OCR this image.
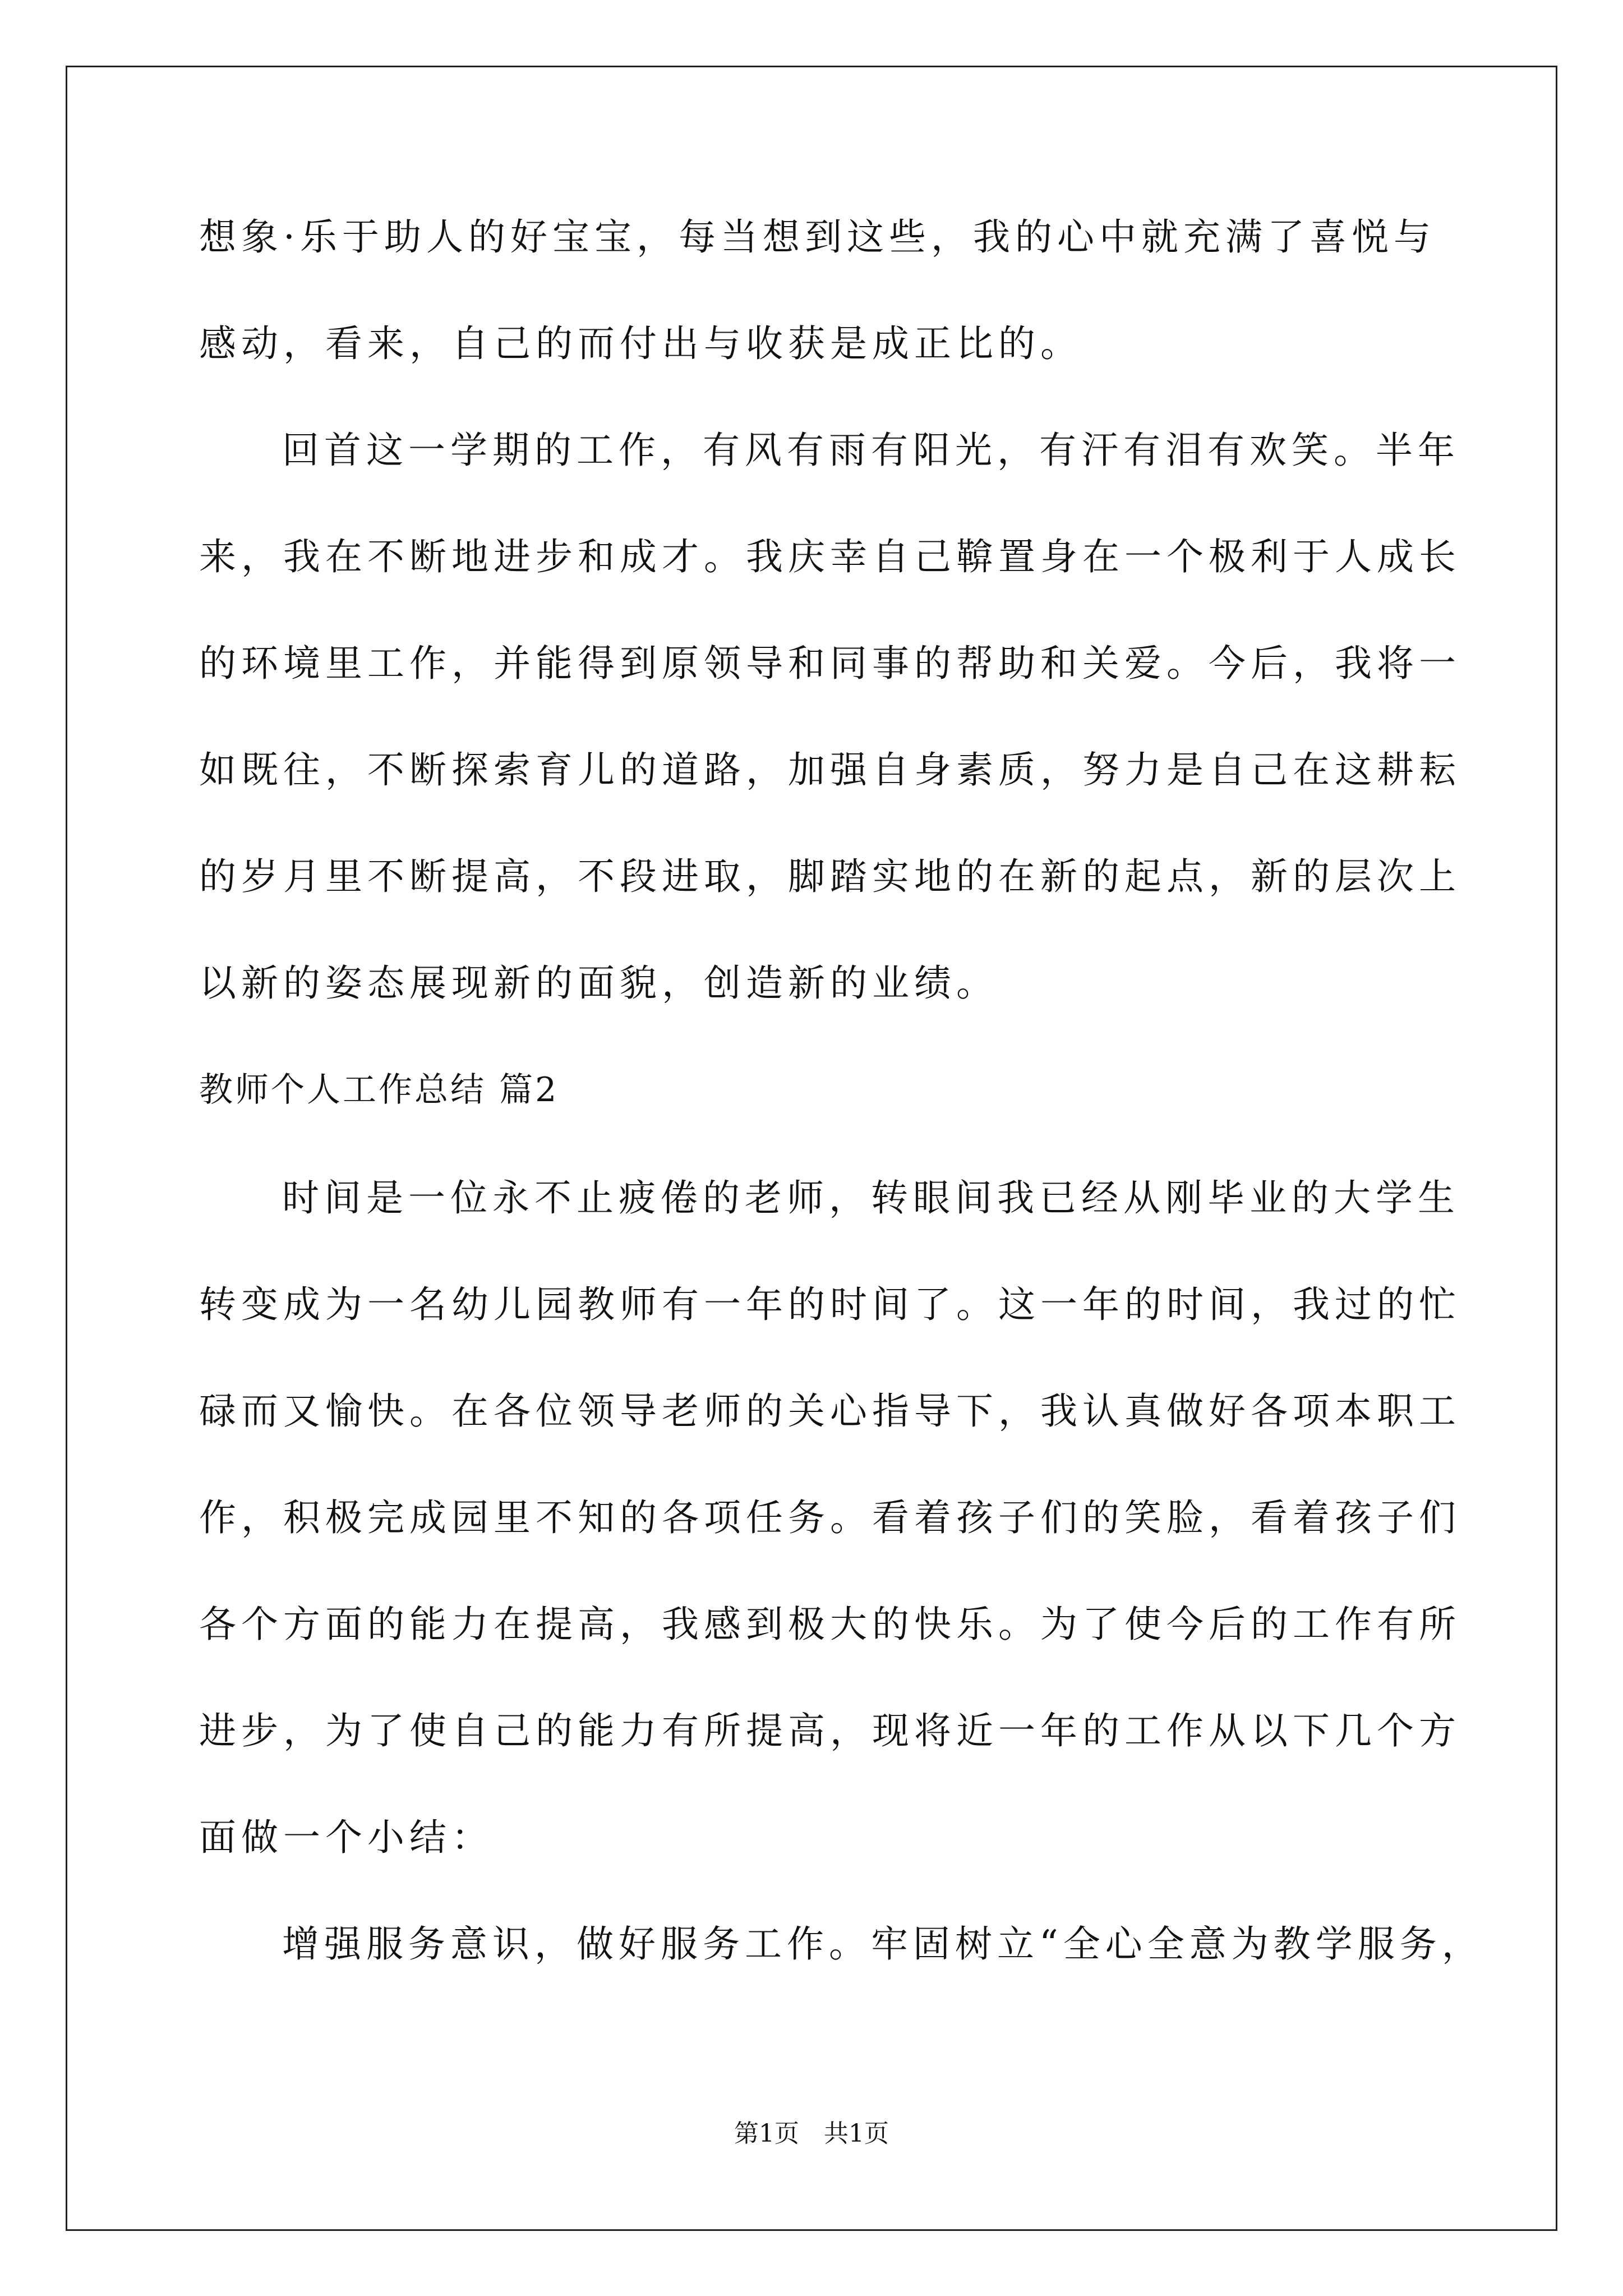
想象·乐于助人的好宝宝，每当想到这些，我的心中就充满了喜悦与
感动，看来，自己的而付出与收获是成正比的。
回首这一学期的工作，有风有雨有阳光，有汗有泪有欢笑。半年
来，我在不断地进步和成才。我庆幸自己鞥置身在一个极利于人成长
的环境里工作，并能得到原领导和同事的帮助和关爱。今后，我将一
如既往，不断探索育儿的道路，加强自身素质，努力是自己在这耕耘
的岁月里不断提高，不段进取，脚踏实地的在新的起点，新的层次上
以新的姿态展现新的面貌，创造新的业绩。
教师个人工作总结 篇2
时间是一位永不止疲倦的老师，转眼间我已经从刚毕业的大学生
转变成为一名幼儿园教师有一年的时间了。这一年的时间，我过的忙
碌而又愉快。在各位领导老师的关心指导下，我认真做好各项本职工
作，积极完成园里不知的各项任务。看着孩子们的笑脸，看着孩子们
各个方面的能力在提高，我感到极大的快乐。为了使今后的工作有所
进步，为了使自己的能力有所提高，现将近一年的工作从以下几个方
面做一个小结：
增强服务意识，做好服务工作。牢固树立“全心全意为教学服务，
第1页　共1页
